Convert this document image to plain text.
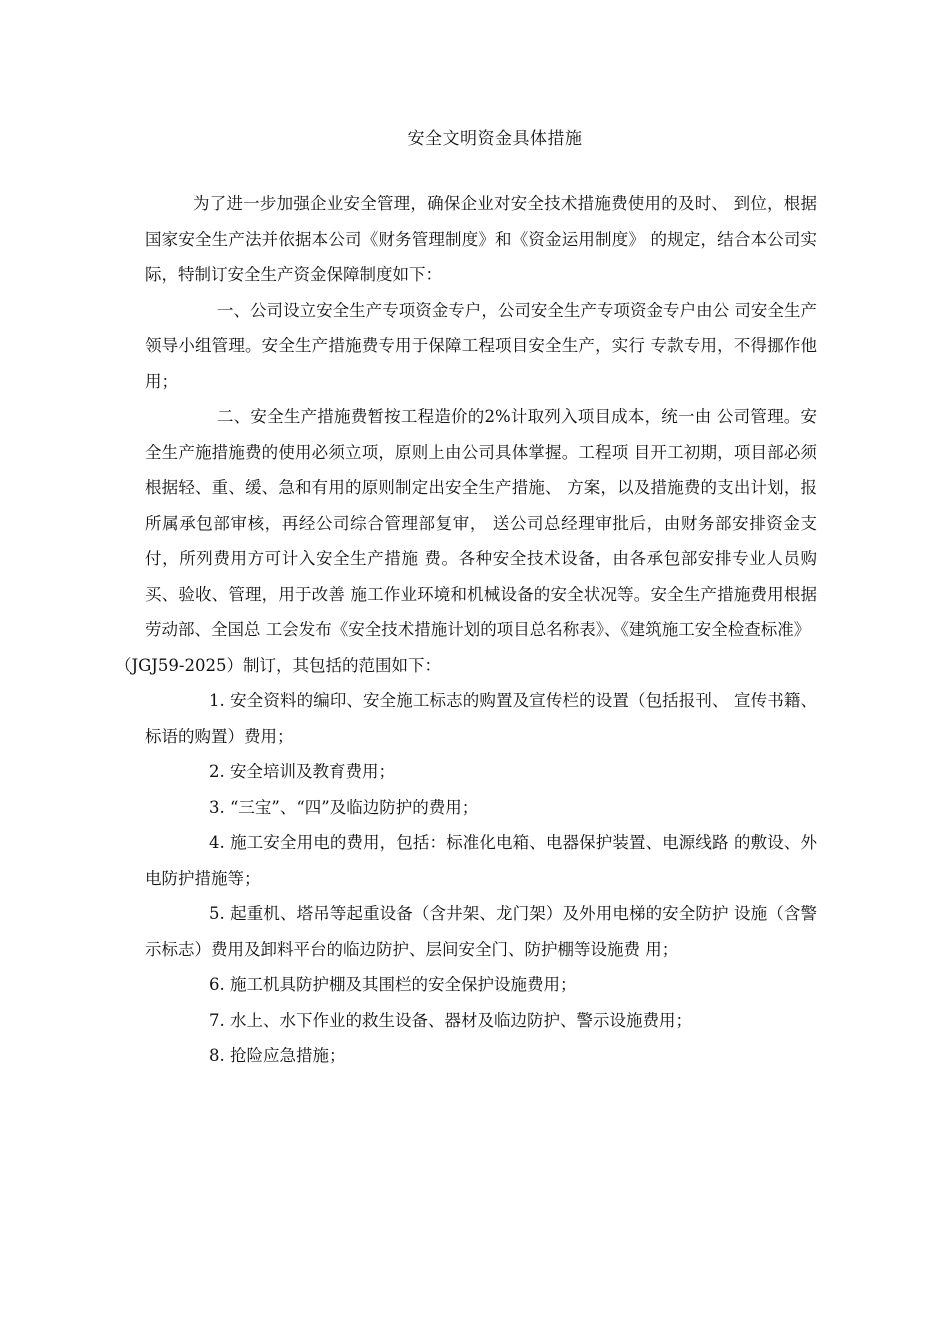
安全文明资金具体措施

为了进一步加强企业安全管理，确保企业对安全技术措施费使用的及时、 到位，根据国家安全生产法并依据本公司《财务管理制度》和《资金运用制度》 的规定，结合本公司实际，特制订安全生产资金保障制度如下：

一、公司设立安全生产专项资金专户，公司安全生产专项资金专户由公 司安全生产领导小组管理。安全生产措施费专用于保障工程项目安全生产，实行 专款专用，不得挪作他用；

二、安全生产措施费暂按工程造价的2%计取列入项目成本，统一由 公司管理。安全生产施措施费的使用必须立项，原则上由公司具体掌握。工程项 目开工初期，项目部必须根据轻、重、缓、急和有用的原则制定出安全生产措施、 方案，以及措施费的支出计划，报所属承包部审核，再经公司综合管理部复审， 送公司总经理审批后，由财务部安排资金支付，所列费用方可计入安全生产措施 费。各种安全技术设备，由各承包部安排专业人员购买、验收、管理，用于改善 施工作业环境和机械设备的安全状况等。安全生产措施费用根据劳动部、全国总 工会发布《安全技术措施计划的项目总名称表》、《建筑施工安全检查标准》

（JGJ59-2025）制订，其包括的范围如下：

1. 安全资料的编印、安全施工标志的购置及宣传栏的设置（包括报刊、 宣传书籍、标语的购置）费用；

2. 安全培训及教育费用；

3. “三宝”、“四”及临边防护的费用；

4. 施工安全用电的费用，包括：标准化电箱、电器保护装置、电源线路 的敷设、外电防护措施等；

5. 起重机、塔吊等起重设备（含井架、龙门架）及外用电梯的安全防护 设施（含警示标志）费用及卸料平台的临边防护、层间安全门、防护棚等设施费 用；

6. 施工机具防护棚及其围栏的安全保护设施费用；

7. 水上、水下作业的救生设备、器材及临边防护、警示设施费用；

8. 抢险应急措施；
